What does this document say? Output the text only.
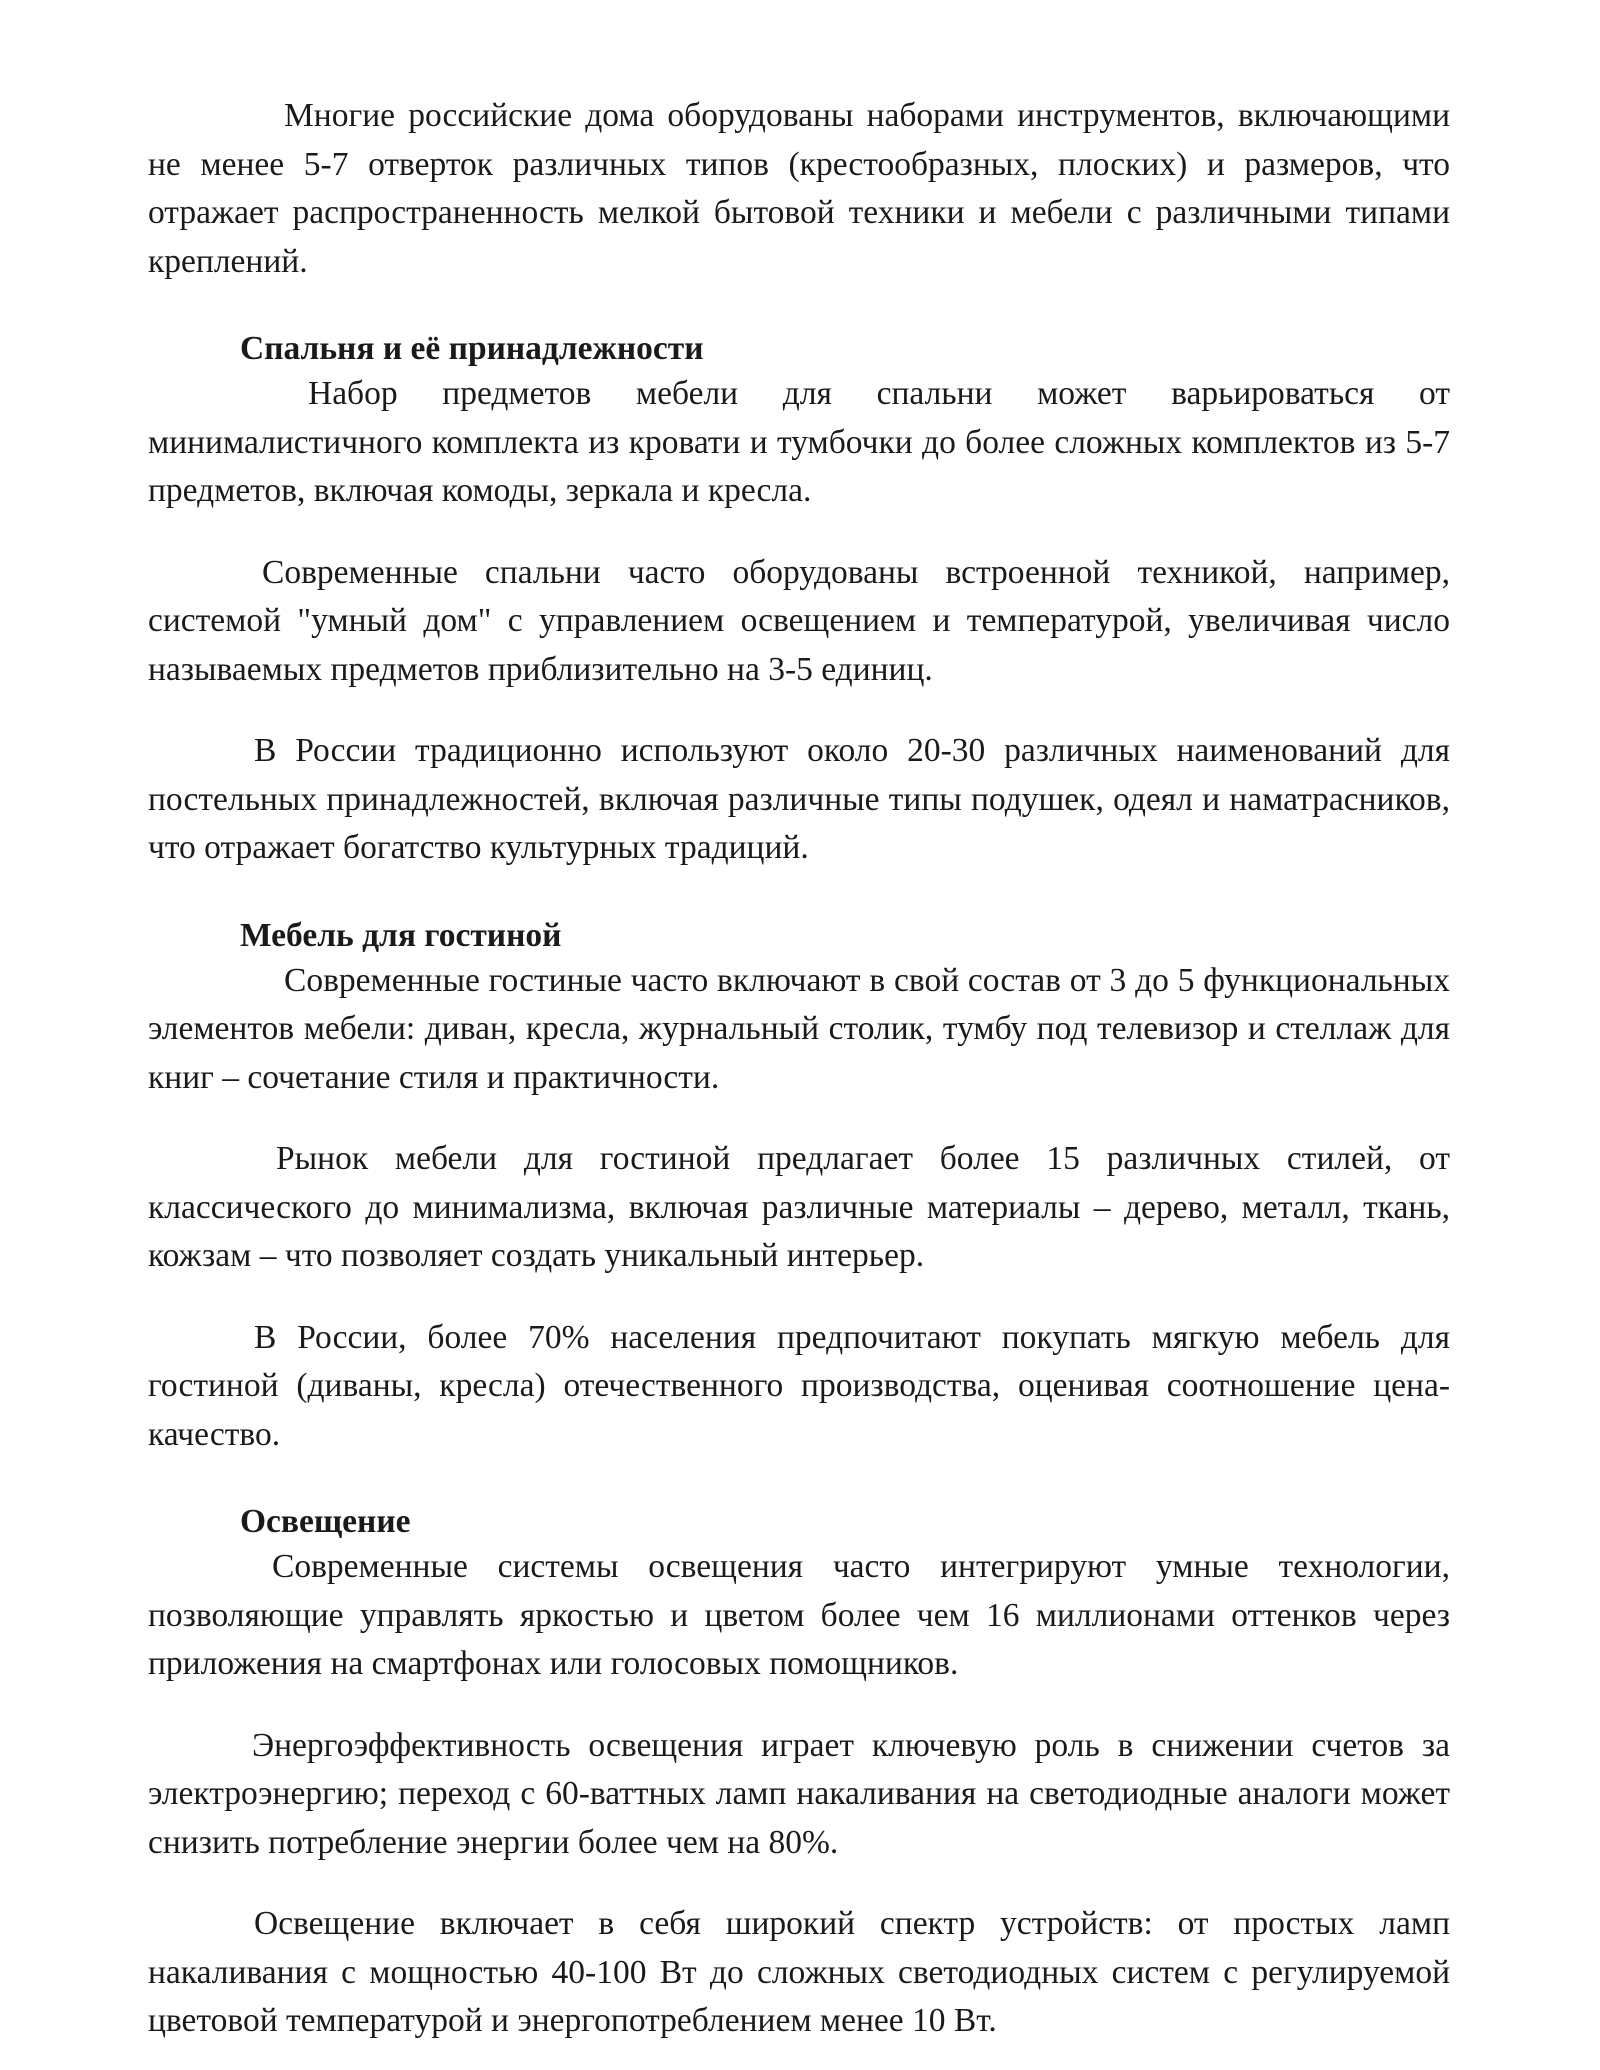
Многие российские дома оборудованы наборами инструментов, включающими не менее 5-7 отверток различных типов (крестообразных, плоских) и размеров, что отражает распространенность мелкой бытовой техники и мебели с различными типами креплений.

Спальня и её принадлежности

Набор предметов мебели для спальни может варьироваться от минималистичного комплекта из кровати и тумбочки до более сложных комплектов из 5-7 предметов, включая комоды, зеркала и кресла.

Современные спальни часто оборудованы встроенной техникой, например, системой "умный дом" с управлением освещением и температурой, увеличивая число называемых предметов приблизительно на 3-5 единиц.

В России традиционно используют около 20-30 различных наименований для постельных принадлежностей, включая различные типы подушек, одеял и наматрасников, что отражает богатство культурных традиций.

Мебель для гостиной

Современные гостиные часто включают в свой состав от 3 до 5 функциональных элементов мебели: диван, кресла, журнальный столик, тумбу под телевизор и стеллаж для книг – сочетание стиля и практичности.

Рынок мебели для гостиной предлагает более 15 различных стилей, от классического до минимализма, включая различные материалы – дерево, металл, ткань, кожзам – что позволяет создать уникальный интерьер.

В России, более 70% населения предпочитают покупать мягкую мебель для гостиной (диваны, кресла) отечественного производства, оценивая соотношение цена-качество.

Освещение

Современные системы освещения часто интегрируют умные технологии, позволяющие управлять яркостью и цветом более чем 16 миллионами оттенков через приложения на смартфонах или голосовых помощников.

Энергоэффективность освещения играет ключевую роль в снижении счетов за электроэнергию; переход с 60-ваттных ламп накаливания на светодиодные аналоги может снизить потребление энергии более чем на 80%.

Освещение включает в себя широкий спектр устройств: от простых ламп накаливания с мощностью 40-100 Вт до сложных светодиодных систем с регулируемой цветовой температурой и энергопотреблением менее 10 Вт.
